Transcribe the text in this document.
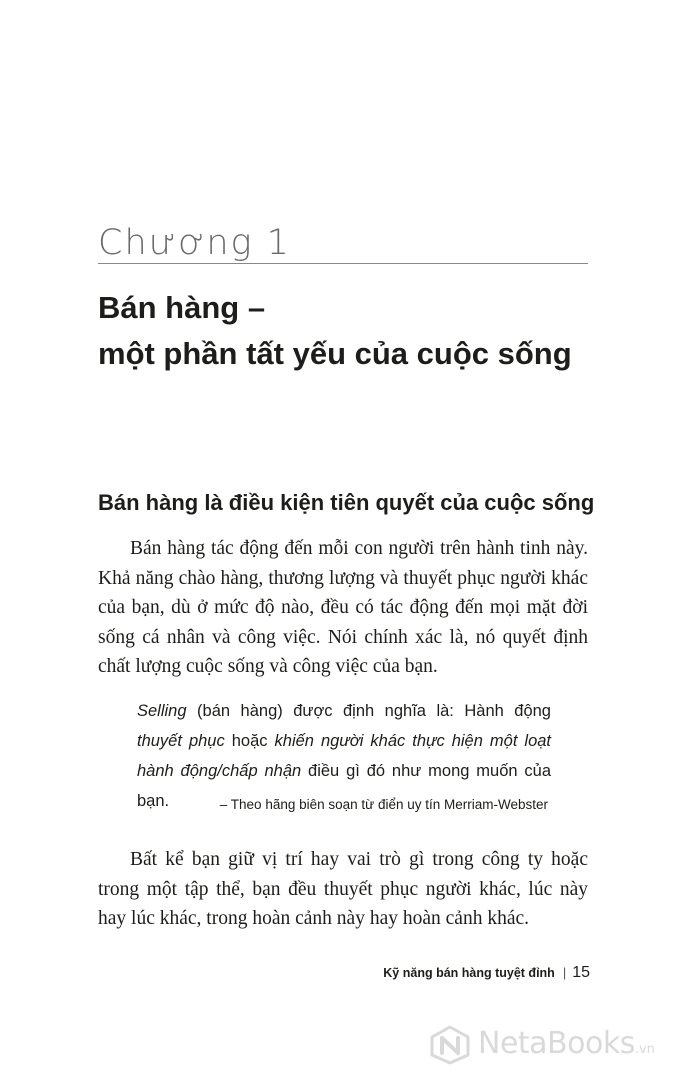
Chương 1
Bán hàng –
một phần tất yếu của cuộc sống
Bán hàng là điều kiện tiên quyết của cuộc sống

Bán hàng tác động đến mỗi con người trên hành tinh này. Khả năng chào hàng, thương lượng và thuyết phục người khác của bạn, dù ở mức độ nào, đều có tác động đến mọi mặt đời sống cá nhân và công việc. Nói chính xác là, nó quyết định chất lượng cuộc sống và công việc của bạn.

Selling (bán hàng) được định nghĩa là: Hành động thuyết phục hoặc khiến người khác thực hiện một loạt hành động/chấp nhận điều gì đó như mong muốn của bạn.	– Theo hãng biên soạn từ điển uy tín Merriam-Webster

Bất kể bạn giữ vị trí hay vai trò gì trong công ty hoặc trong một tập thể, bạn đều thuyết phục người khác, lúc này hay lúc khác, trong hoàn cảnh này hay hoàn cảnh khác.

Kỹ năng bán hàng tuyệt đỉnh | 15
NetaBooks.vn
